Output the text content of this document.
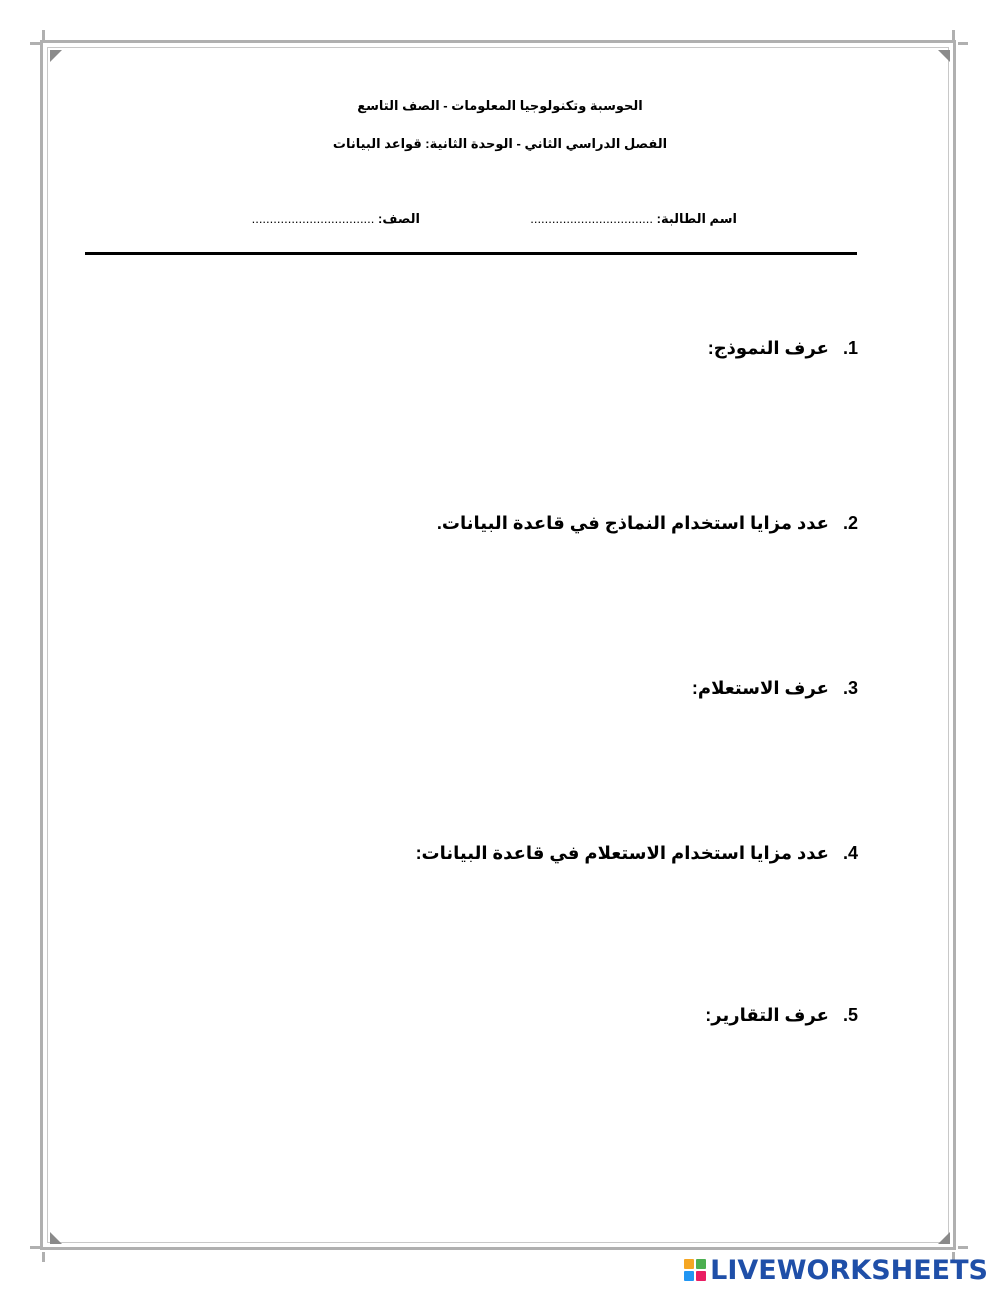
الحوسبة وتكنولوجيا المعلومات - الصف التاسع
الفصل الدراسي الثاني - الوحدة الثانية: قواعد البيانات
اسم الطالبة: ..................................
الصف: ..................................
1.عرف النموذج:
2.عدد مزايا استخدام النماذج في قاعدة البيانات.
3.عرف الاستعلام:
4.عدد مزايا استخدام الاستعلام في قاعدة البيانات:
5.عرف التقارير:
LIVEWORKSHEETS
